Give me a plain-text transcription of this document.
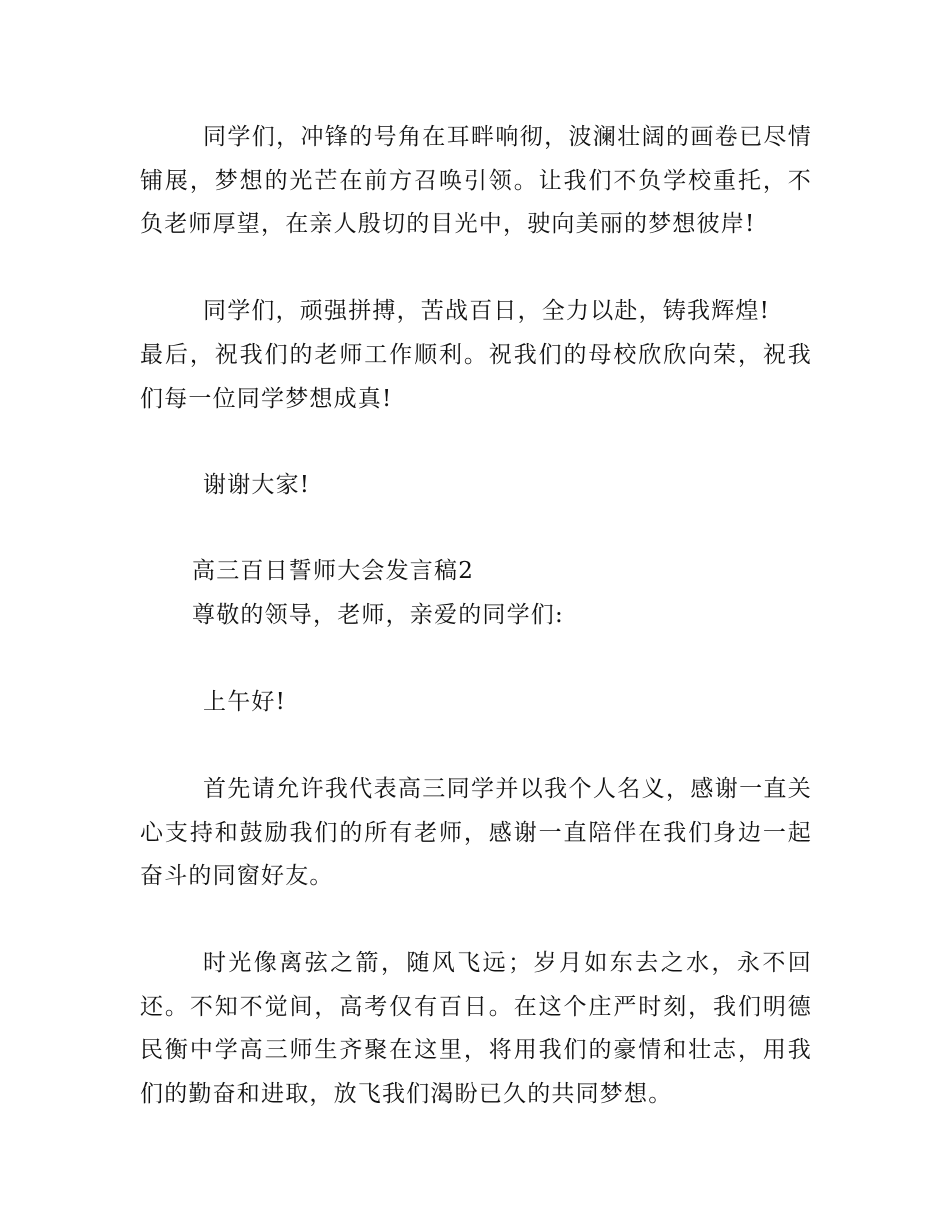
同学们，冲锋的号角在耳畔响彻，波澜壮阔的画卷已尽情铺展，梦想的光芒在前方召唤引领。让我们不负学校重托，不负老师厚望，在亲人殷切的目光中，驶向美丽的梦想彼岸!

同学们，顽强拼搏，苦战百日，全力以赴，铸我辉煌!

最后，祝我们的老师工作顺利。祝我们的母校欣欣向荣，祝我们每一位同学梦想成真!

谢谢大家!

高三百日誓师大会发言稿2

尊敬的领导，老师，亲爱的同学们:

上午好!

首先请允许我代表高三同学并以我个人名义，感谢一直关心支持和鼓励我们的所有老师，感谢一直陪伴在我们身边一起奋斗的同窗好友。

时光像离弦之箭，随风飞远；岁月如东去之水，永不回还。不知不觉间，高考仅有百日。在这个庄严时刻，我们明德民衡中学高三师生齐聚在这里，将用我们的豪情和壮志，用我们的勤奋和进取，放飞我们渴盼已久的共同梦想。
